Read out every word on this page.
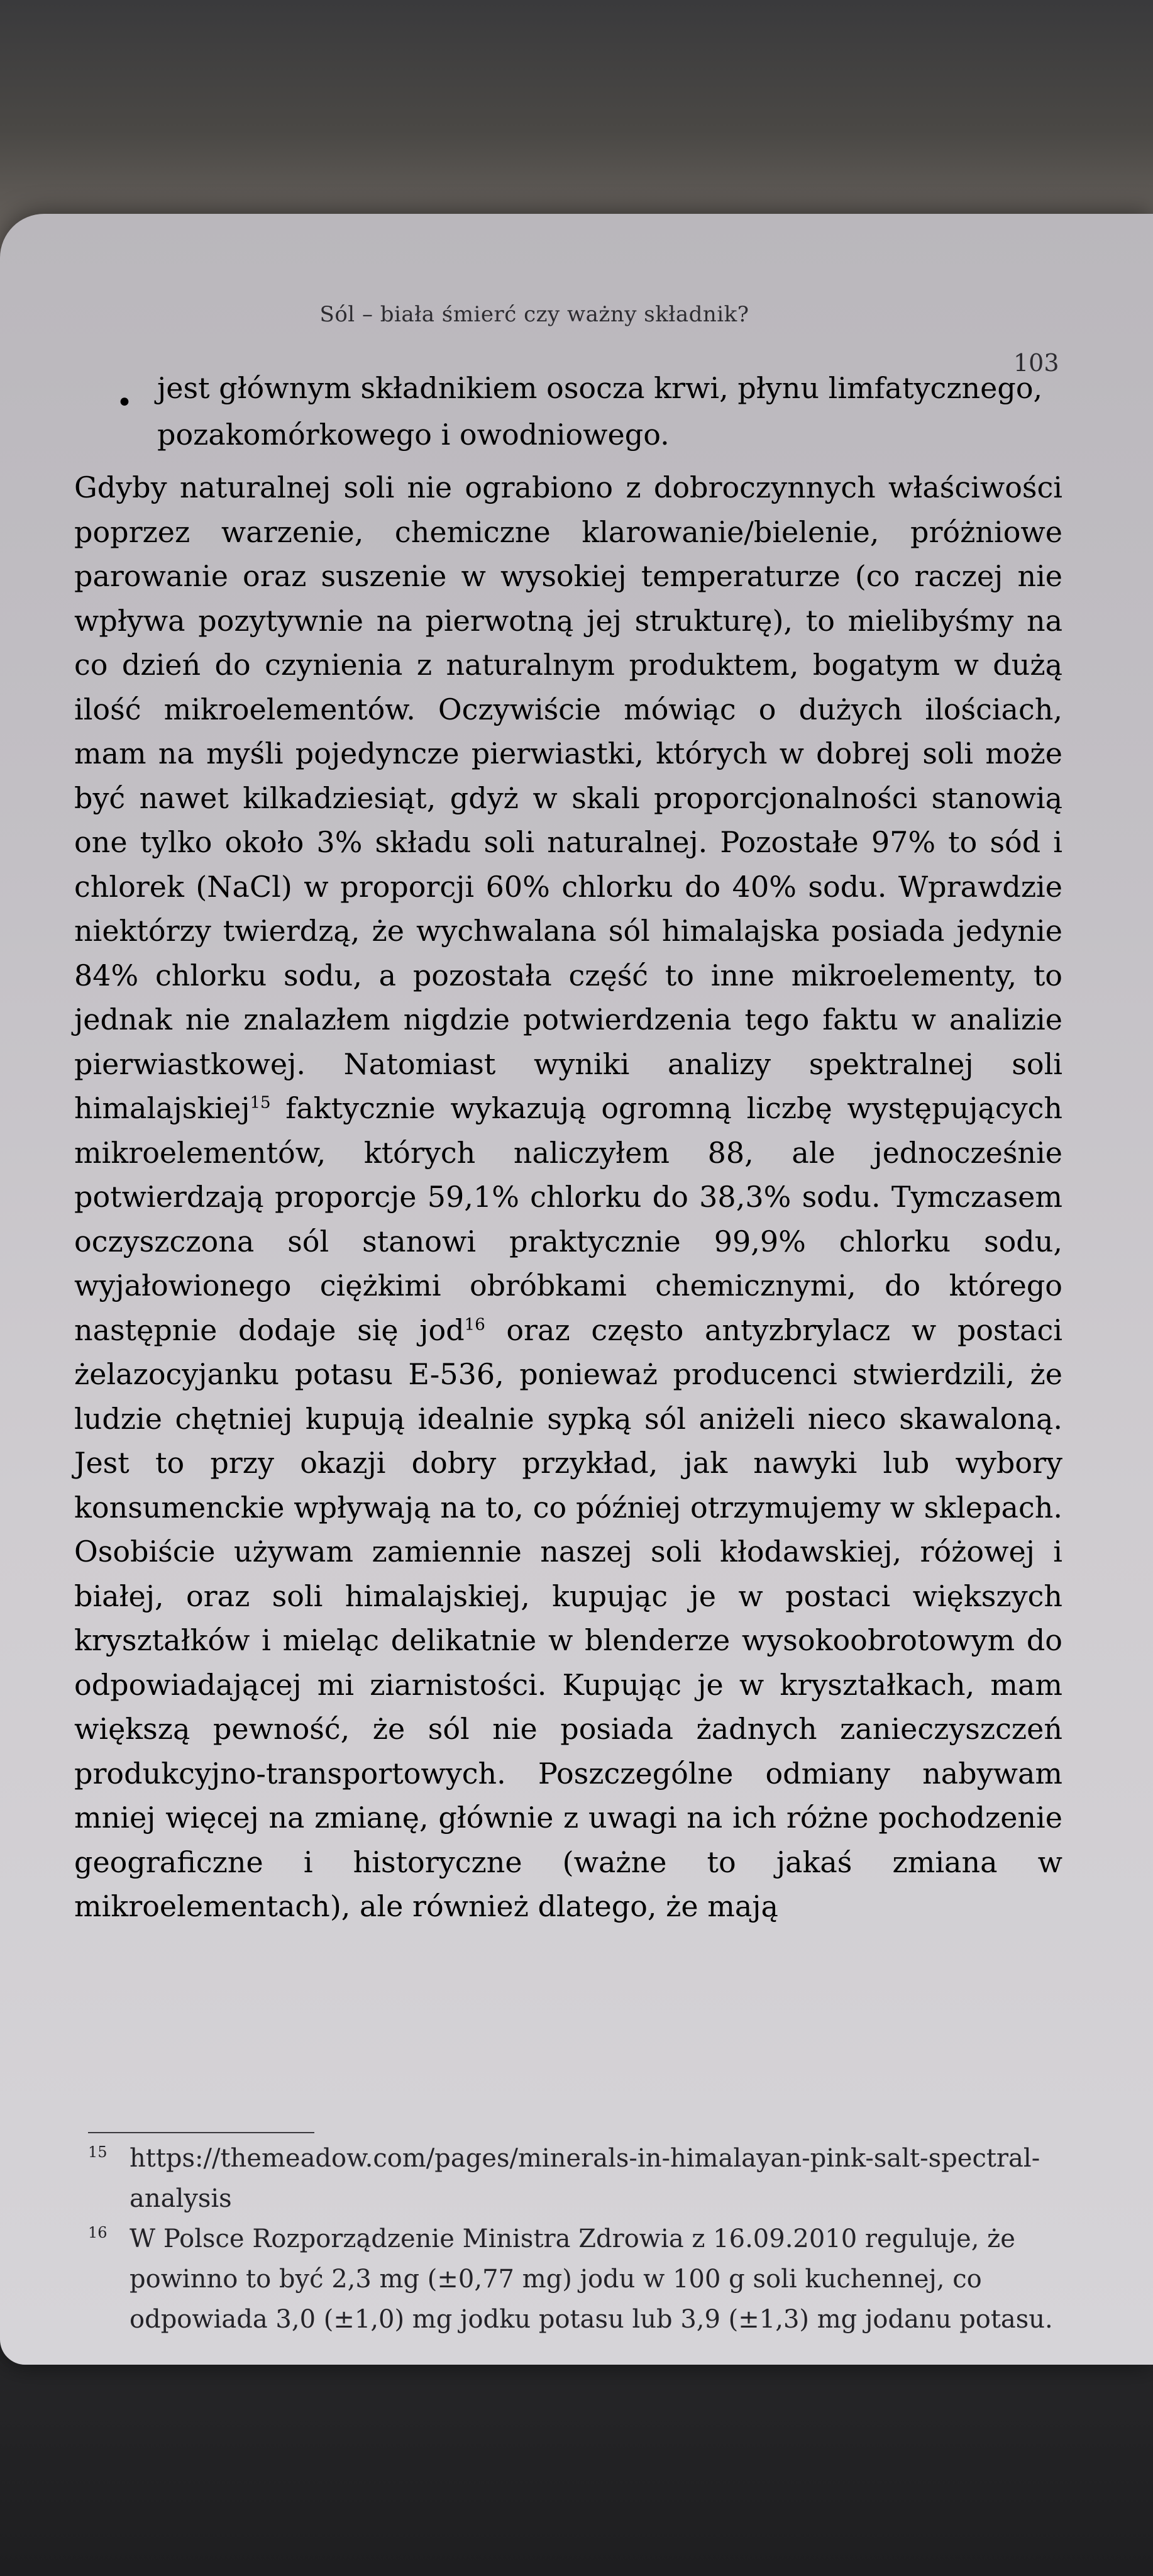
Sól – biała śmierć czy ważny składnik?
103
• jest głównym składnikiem osocza krwi, płynu limfatycznego, pozakomórkowego i owodniowego.
Gdyby naturalnej soli nie ograbiono z dobroczynnych właściwości poprzez warzenie, chemiczne klarowanie/bielenie, próżniowe parowanie oraz suszenie w wysokiej temperaturze (co raczej nie wpływa pozytywnie na pierwotną jej strukturę), to mielibyśmy na co dzień do czynienia z naturalnym produktem, bogatym w dużą ilość mikroelementów. Oczywiście mówiąc o dużych ilościach, mam na myśli pojedyncze pierwiastki, których w dobrej soli może być nawet kilkadziesiąt, gdyż w skali proporcjonalności stanowią one tylko około 3% składu soli naturalnej. Pozostałe 97% to sód i chlorek (NaCl) w proporcji 60% chlorku do 40% sodu. Wprawdzie niektórzy twierdzą, że wychwalana sól himalajska posiada jedynie 84% chlorku sodu, a pozostała część to inne mikroelementy, to jednak nie znalazłem nigdzie potwierdzenia tego faktu w analizie pierwiastkowej. Natomiast wyniki analizy spektralnej soli himalajskiej$^{15}$ faktycznie wykazują ogromną liczbę występujących mikroelementów, których naliczyłem 88, ale jednocześnie potwierdzają proporcje 59,1% chlorku do 38,3% sodu. Tymczasem oczyszczona sól stanowi praktycznie 99,9% chlorku sodu, wyjałowionego ciężkimi obróbkami chemicznymi, do którego następnie dodaje się jod$^{16}$ oraz często antyzbrylacz w postaci żelazocyjanku potasu E-536, ponieważ producenci stwierdzili, że ludzie chętniej kupują idealnie sypką sól aniżeli nieco skawaloną. Jest to przy okazji dobry przykład, jak nawyki lub wybory konsumenckie wpływają na to, co później otrzymujemy w sklepach. Osobiście używam zamiennie naszej soli kłodawskiej, różowej i białej, oraz soli himalajskiej, kupując je w postaci większych kryształków i mieląc delikatnie w blenderze wysokoobrotowym do odpowiadającej mi ziarnistości. Kupując je w kryształkach, mam większą pewność, że sól nie posiada żadnych zanieczyszczeń produkcyjno-transportowych. Poszczególne odmiany nabywam mniej więcej na zmianę, głównie z uwagi na ich różne pochodzenie geograficzne i historyczne (ważne to jakaś zmiana w mikroelementach), ale również dlatego, że mają

15 https://themeadow.com/pages/minerals-in-himalayan-pink-salt-spectral-analysis

16 W Polsce Rozporządzenie Ministra Zdrowia z 16.09.2010 reguluje, że powinno to być 2,3 mg (±0,77 mg) jodu w 100 g soli kuchennej, co odpowiada 3,0 (±1,0) mg jodku potasu lub 3,9 (±1,3) mg jodanu potasu.
